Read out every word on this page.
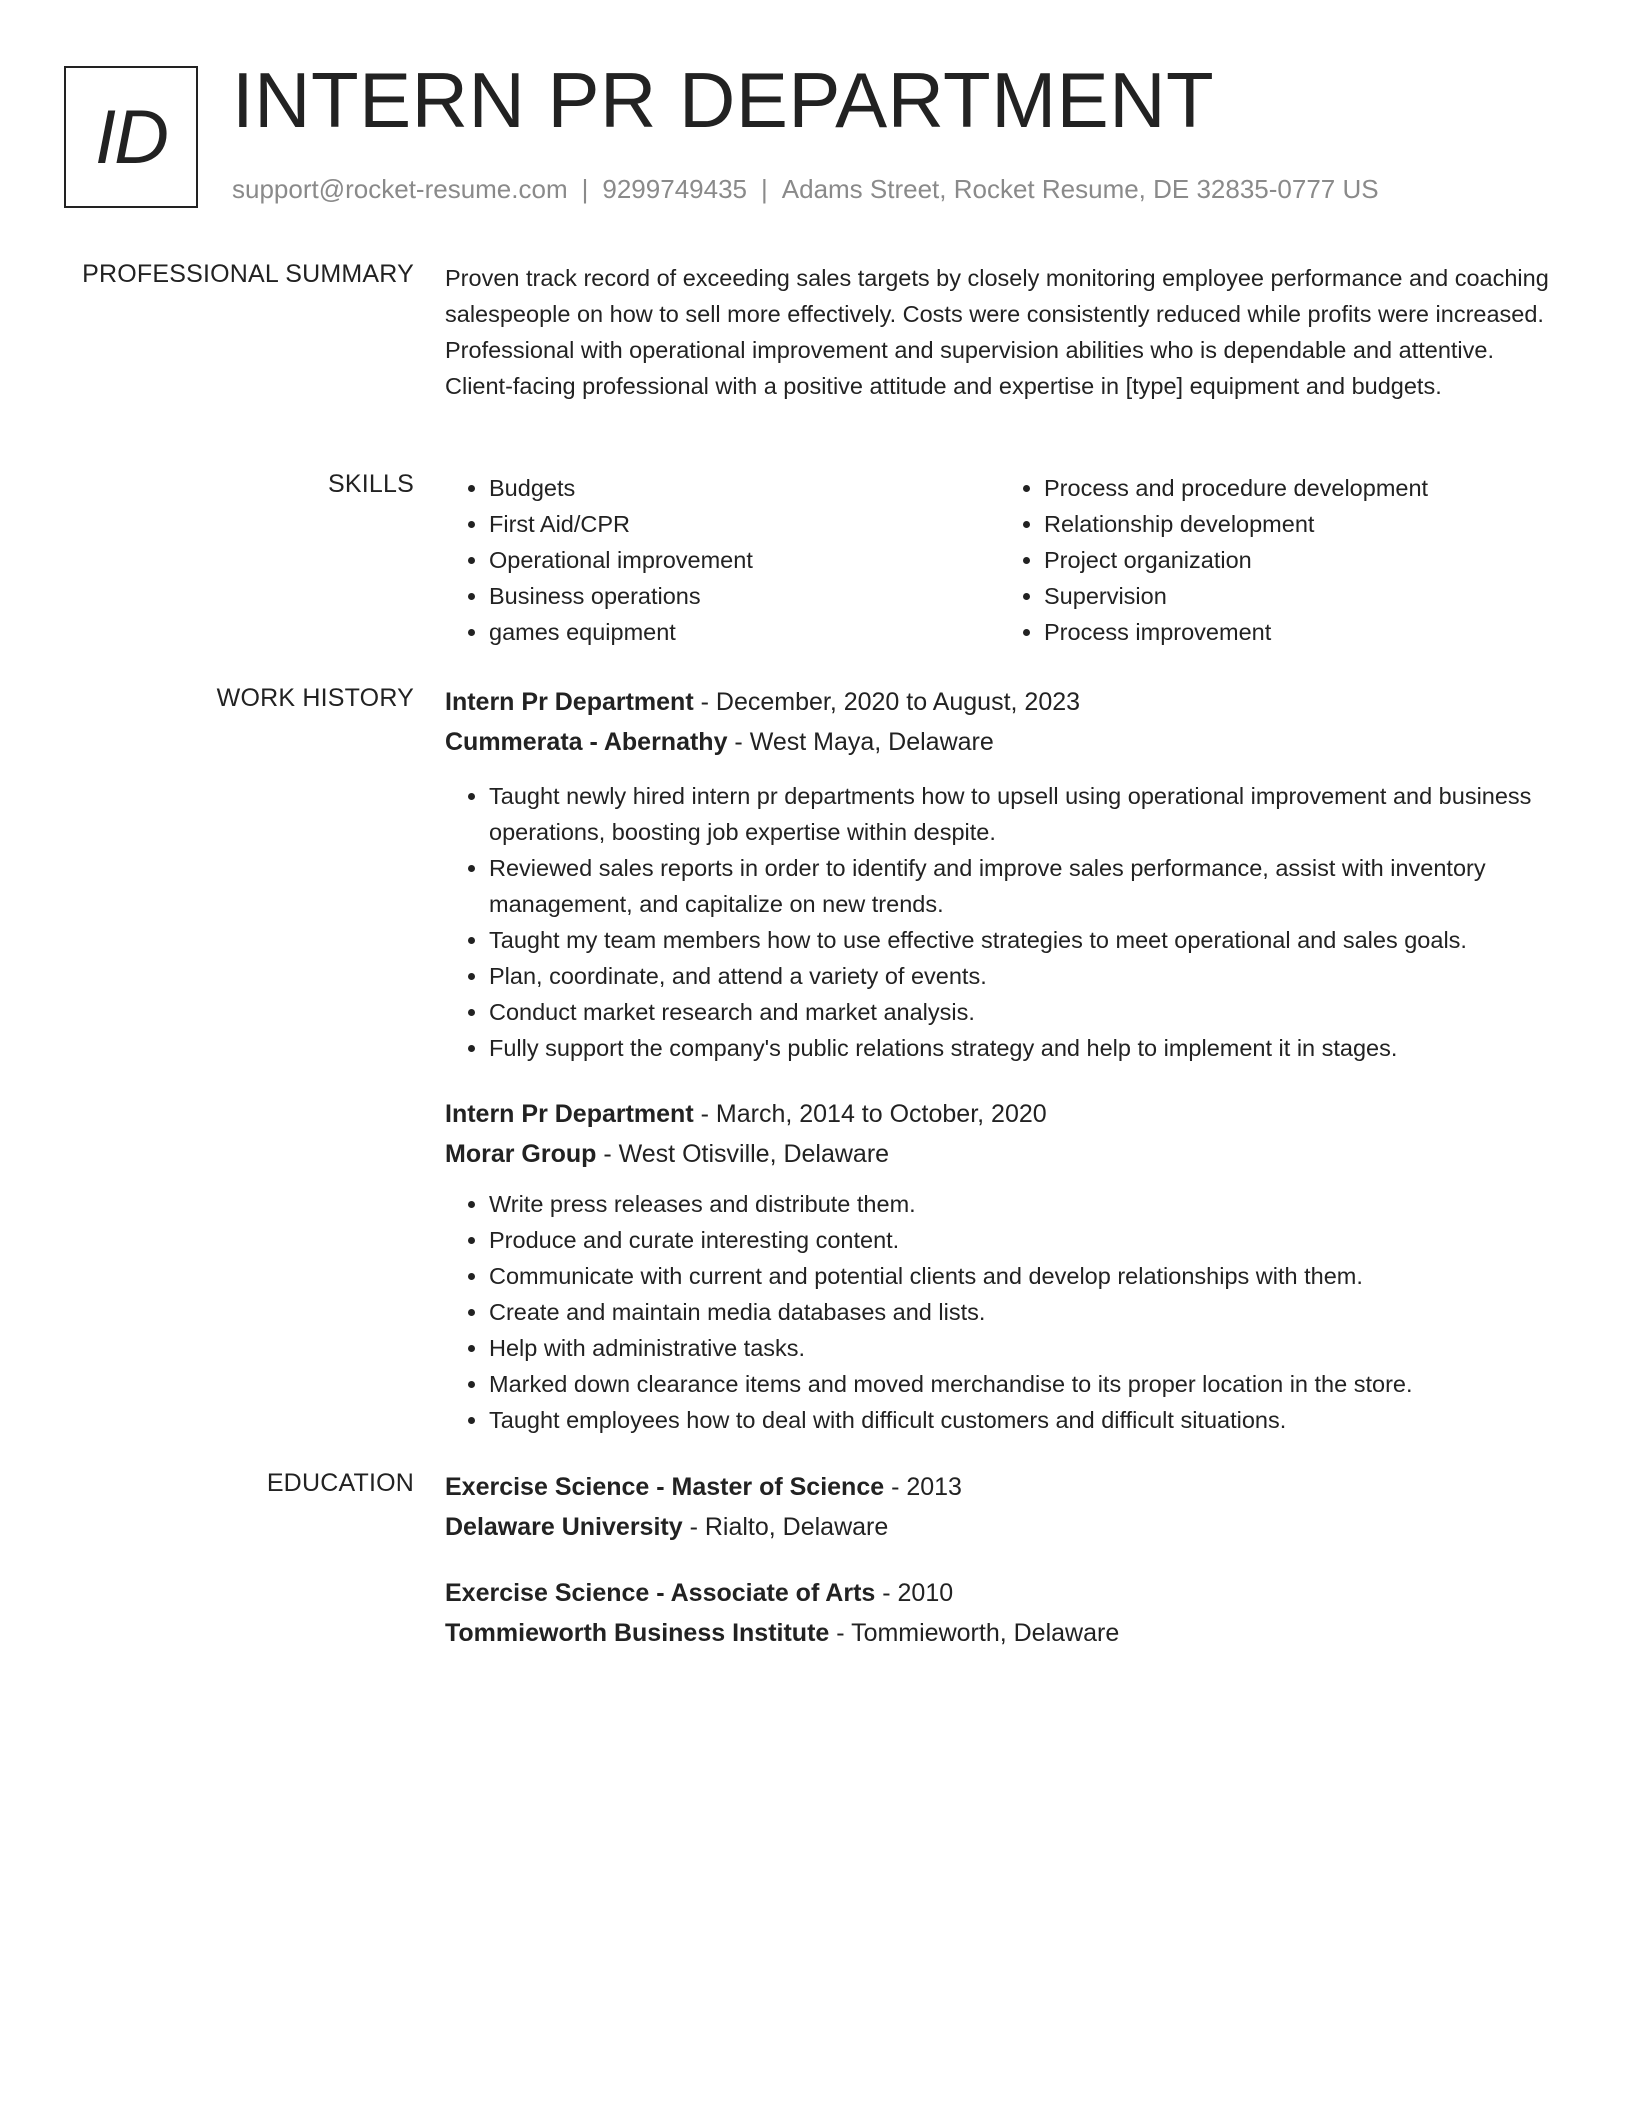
ID INTERN PR DEPARTMENT
support@rocket-resume.com | 9299749435 | Adams Street, Rocket Resume, DE 32835-0777 US
PROFESSIONAL SUMMARY Proven track record of exceeding sales targets by closely monitoring employee performance and coaching salespeople on how to sell more effectively. Costs were consistently reduced while profits were increased. Professional with operational improvement and supervision abilities who is dependable and attentive. Client-facing professional with a positive attitude and expertise in [type] equipment and budgets.

SKILLS
•	Budgets
• First Aid/CPR
• Operational improvement
• Business operations
• games equipment
• Process and procedure development
• Relationship development
• Project organization
• Supervision
• Process improvement
WORK HISTORY Intern Pr Department - December, 2020 to August, 2023

Cummerata - Abernathy - West Maya, Delaware

• Taught newly hired intern pr departments how to upsell using operational improvement and business operations, boosting job expertise within despite.
• Reviewed sales reports in order to identify and improve sales performance, assist with inventory management, and capitalize on new trends.
• Taught my team members how to use effective strategies to meet operational and sales goals.
• Plan, coordinate, and attend a variety of events.
• Conduct market research and market analysis.
• Fully support the company's public relations strategy and help to implement it in stages.

Intern Pr Department - March, 2014 to October, 2020

Morar Group - West Otisville, Delaware

• Write press releases and distribute them.
• Produce and curate interesting content.
• Communicate with current and potential clients and develop relationships with them.
• Create and maintain media databases and lists.
• Help with administrative tasks.
• Marked down clearance items and moved merchandise to its proper location in the store.
• Taught employees how to deal with difficult customers and difficult situations.
EDUCATION Exercise Science - Master of Science - 2013

Delaware University - Rialto, Delaware

Exercise Science - Associate of Arts - 2010

Tommieworth Business Institute - Tommieworth, Delaware
